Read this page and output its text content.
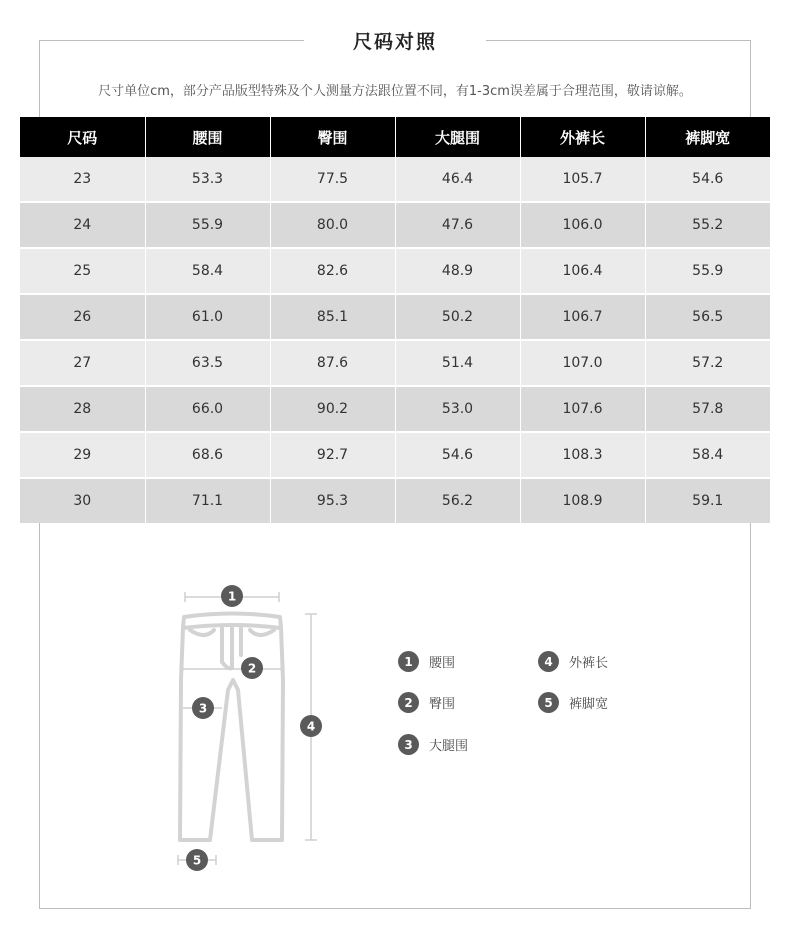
尺码对照
尺寸单位cm，部分产品版型特殊及个人测量方法跟位置不同，有1-3cm误差属于合理范围，敬请谅解。
尺码	腰围	臀围	大腿围	外裤长	裤脚宽
23	53.3	77.5	46.4	105.7	54.6
24	55.9	80.0	47.6	106.0	55.2
25	58.4	82.6	48.9	106.4	55.9
26	61.0	85.1	50.2	106.7	56.5
27	63.5	87.6	51.4	107.0	57.2
28	66.0	90.2	53.0	107.6	57.8
29	68.6	92.7	54.6	108.3	58.4
30	71.1	95.3	56.2	108.9	59.1
1
2
3
4
5
1	腰围
2	臀围
3	大腿围
4	外裤长
5	裤脚宽
